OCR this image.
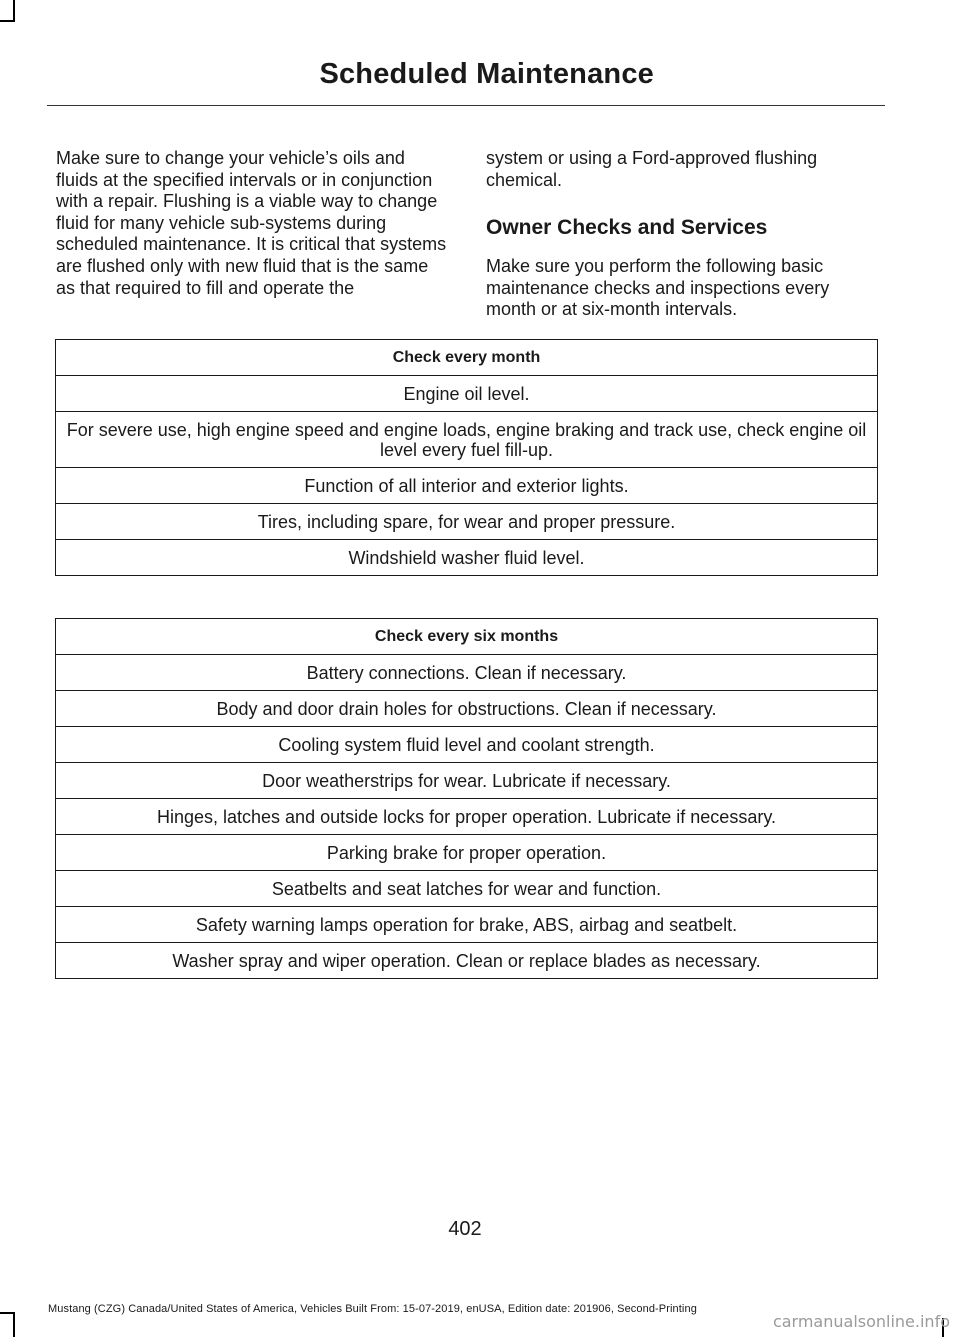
Scheduled Maintenance

Make sure to change your vehicle’s oils and fluids at the specified intervals or in conjunction with a repair. Flushing is a viable way to change fluid for many vehicle sub-systems during scheduled maintenance. It is critical that systems are flushed only with new fluid that is the same as that required to fill and operate the

system or using a Ford-approved flushing chemical.

Owner Checks and Services

Make sure you perform the following basic maintenance checks and inspections every month or at six-month intervals.

Check every month
Engine oil level.
For severe use, high engine speed and engine loads, engine braking and track use, check engine oil level every fuel fill-up.
Function of all interior and exterior lights.
Tires, including spare, for wear and proper pressure.
Windshield washer fluid level.
Check every six months
Battery connections. Clean if necessary.
Body and door drain holes for obstructions. Clean if necessary.
Cooling system fluid level and coolant strength.
Door weatherstrips for wear. Lubricate if necessary.
Hinges, latches and outside locks for proper operation. Lubricate if necessary.
Parking brake for proper operation.
Seatbelts and seat latches for wear and function.
Safety warning lamps operation for brake, ABS, airbag and seatbelt.
Washer spray and wiper operation. Clean or replace blades as necessary.
402
Mustang (CZG) Canada/United States of America, Vehicles Built From: 15-07-2019, enUSA, Edition date: 201906, Second-Printing
carmanualsonline.info
